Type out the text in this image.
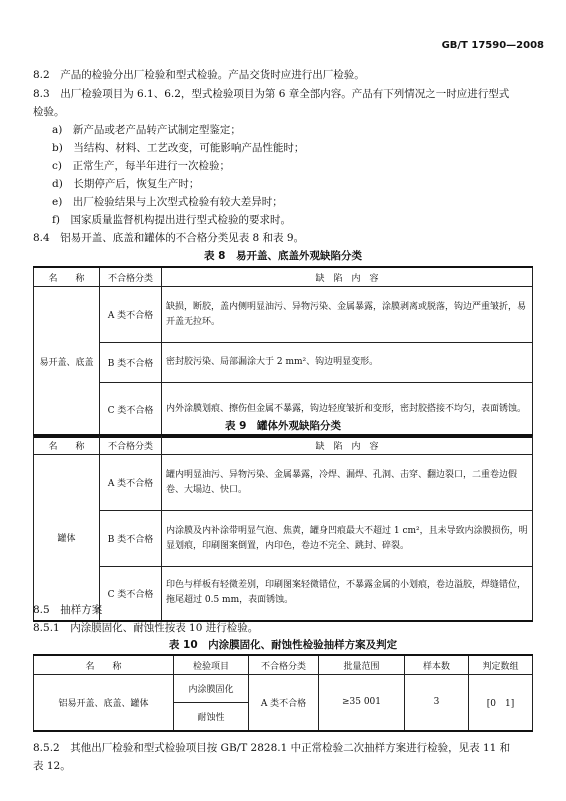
GB/T 17590—2008
8.2　产品的检验分出厂检验和型式检验。产品交货时应进行出厂检验。
8.3　出厂检验项目为 6.1、6.2，型式检验项目为第 6 章全部内容。产品有下列情况之一时应进行型式
检验。
a)　新产品或老产品转产试制定型鉴定；
b)　当结构、材料、工艺改变，可能影响产品性能时；
c)　正常生产，每半年进行一次检验；
d)　长期停产后，恢复生产时；
e)　出厂检验结果与上次型式检验有较大差异时；
f)　国家质量监督机构提出进行型式检验的要求时。
8.4　铝易开盖、底盖和罐体的不合格分类见表 8 和表 9。
表 8　易开盖、底盖外观缺陷分类
名　　称	不合格分类	缺　陷　内　容
易开盖、底盖	A 类不合格	缺损，断胶，盖内侧明显油污、异物污染、金属暴露，涂膜剥离或脱落，钩边严重皱折，易开盖无拉环。
	B 类不合格	密封胶污染、局部漏涂大于 2 mm²、钩边明显变形。
	C 类不合格	内外涂膜划痕、擦伤但金属不暴露，钩边轻度皱折和变形，密封胶搭接不均匀，表面锈蚀。
表 9　罐体外观缺陷分类
名　　称	不合格分类	缺　陷　内　容
罐体	A 类不合格	罐内明显油污、异物污染、金属暴露，冷焊、漏焊、孔洞、击穿、翻边裂口，二重卷边假卷、大塌边、快口。
	B 类不合格	内涂膜及内补涂带明显气泡、焦黄，罐身凹痕最大不超过 1 cm²，且未导致内涂膜损伤，明显划痕，印刷图案倒置，内印色，卷边不完全、跳封、碎裂。
	C 类不合格	印色与样板有轻微差别，印刷图案轻微错位，不暴露金属的小划痕，卷边溢胶，焊缝错位，拖尾超过 0.5 mm，表面锈蚀。
8.5　抽样方案
8.5.1　内涂膜固化、耐蚀性按表 10 进行检验。
表 10　内涂膜固化、耐蚀性检验抽样方案及判定
名　　称	检验项目	不合格分类	批量范围	样本数	判定数组
铝易开盖、底盖、罐体	内涂膜固化	A 类不合格	≥35 001	3	[0　1]
	耐蚀性				
8.5.2　其他出厂检验和型式检验项目按 GB/T 2828.1 中正常检验二次抽样方案进行检验，见表 11 和
表 12。
